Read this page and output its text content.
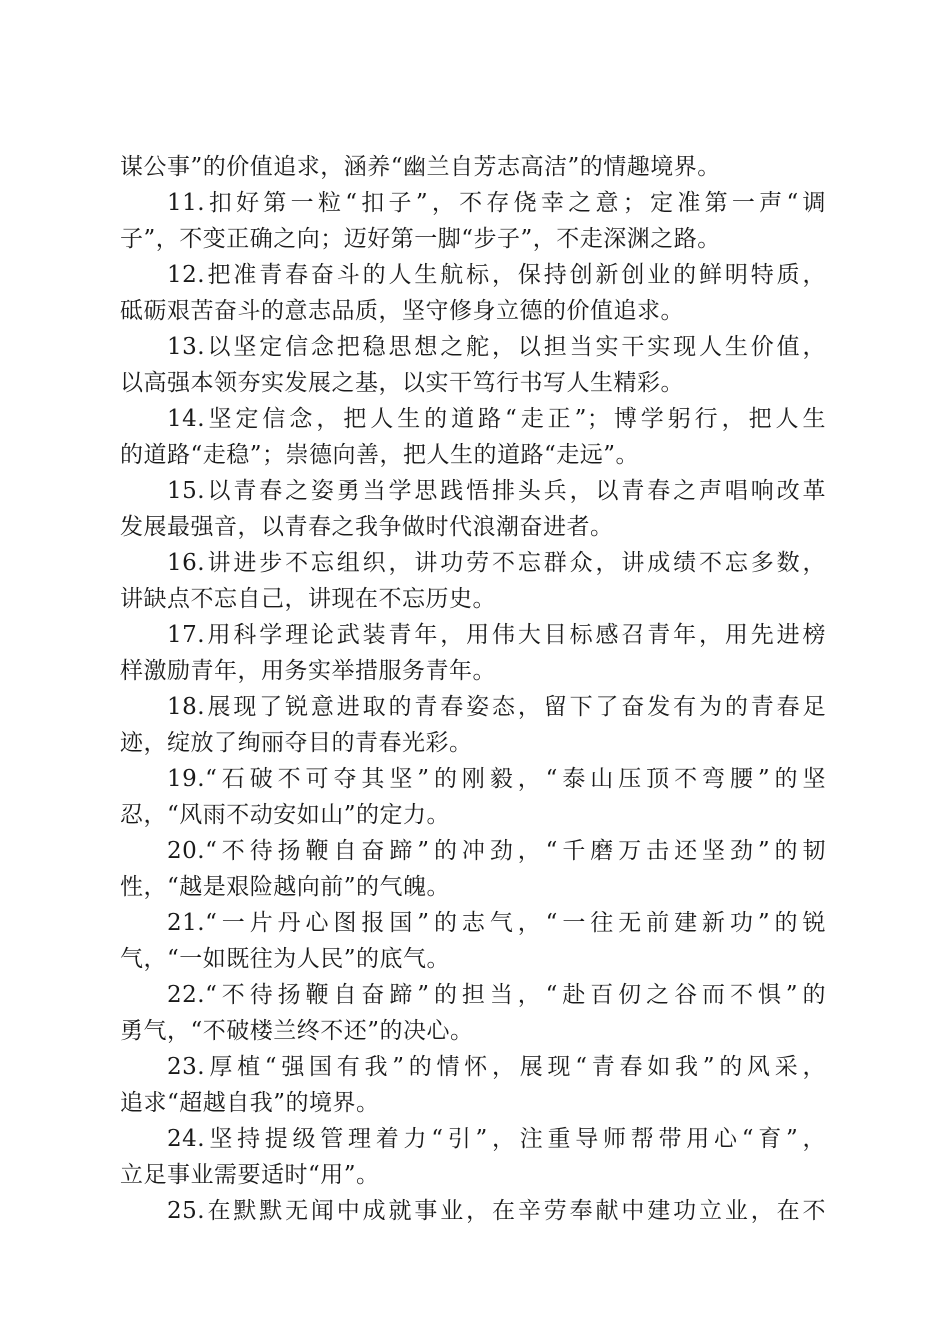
谋公事”的价值追求，涵养“幽兰自芳志高洁”的情趣境界。
11.扣好第一粒“扣子”，不存侥幸之意；定准第一声“调
子”，不变正确之向；迈好第一脚“步子”，不走深渊之路。
12.把准青春奋斗的人生航标，保持创新创业的鲜明特质，
砥砺艰苦奋斗的意志品质，坚守修身立德的价值追求。
13.以坚定信念把稳思想之舵，以担当实干实现人生价值，
以高强本领夯实发展之基，以实干笃行书写人生精彩。
14.坚定信念，把人生的道路“走正”；博学躬行，把人生
的道路“走稳”；崇德向善，把人生的道路“走远”。
15.以青春之姿勇当学思践悟排头兵，以青春之声唱响改革
发展最强音，以青春之我争做时代浪潮奋进者。
16.讲进步不忘组织，讲功劳不忘群众，讲成绩不忘多数，
讲缺点不忘自己，讲现在不忘历史。
17.用科学理论武装青年，用伟大目标感召青年，用先进榜
样激励青年，用务实举措服务青年。
18.展现了锐意进取的青春姿态，留下了奋发有为的青春足
迹，绽放了绚丽夺目的青春光彩。
19.“石破不可夺其坚”的刚毅，“泰山压顶不弯腰”的坚
忍，“风雨不动安如山”的定力。
20.“不待扬鞭自奋蹄”的冲劲，“千磨万击还坚劲”的韧
性，“越是艰险越向前”的气魄。
21.“一片丹心图报国”的志气，“一往无前建新功”的锐
气，“一如既往为人民”的底气。
22.“不待扬鞭自奋蹄”的担当，“赴百仞之谷而不惧”的
勇气，“不破楼兰终不还”的决心。
23.厚植“强国有我”的情怀，展现“青春如我”的风采，
追求“超越自我”的境界。
24.坚持提级管理着力“引”，注重导师帮带用心“育”，
立足事业需要适时“用”。
25.在默默无闻中成就事业，在辛劳奉献中建功立业，在不
